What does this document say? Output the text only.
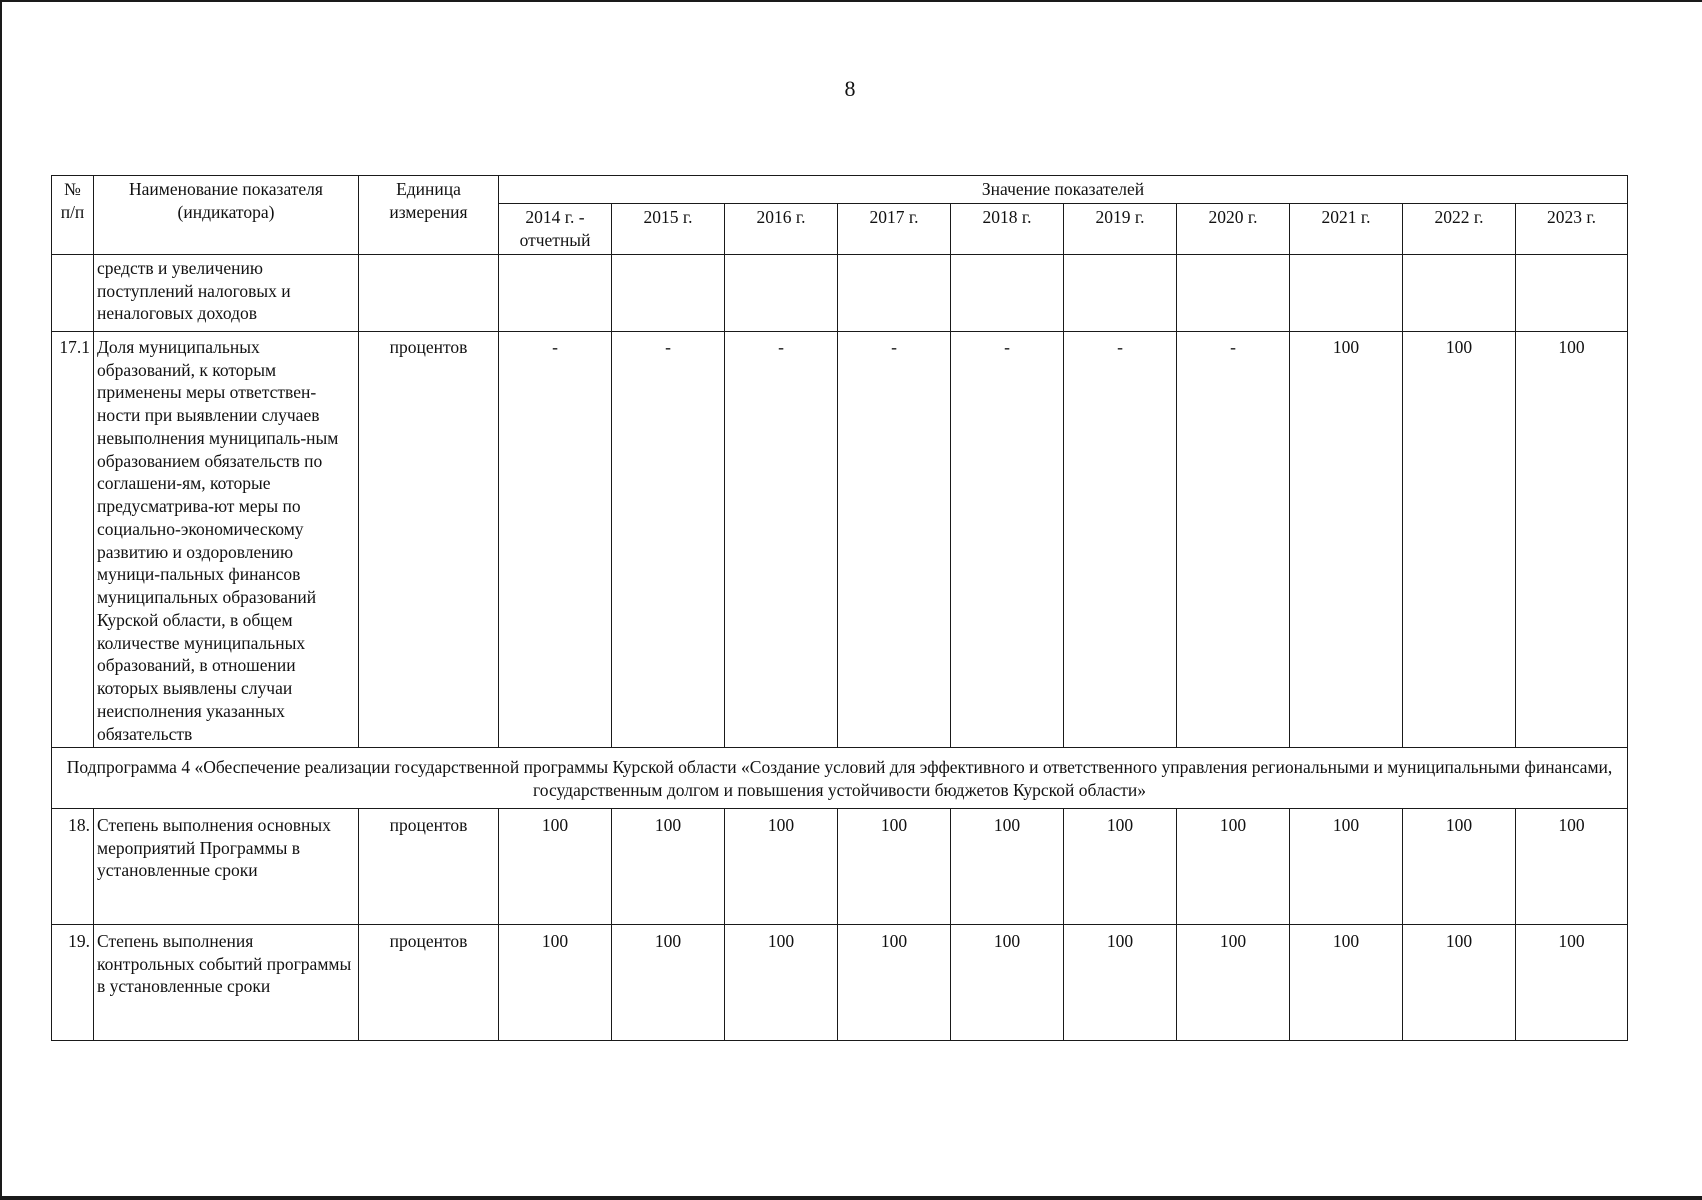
8
№ п/п	Наименование показателя (индикатора)	Единица измерения	Значение показателей									
			2014 г. - отчетный	2015 г.	2016 г.	2017 г.	2018 г.	2019 г.	2020 г.	2021 г.	2022 г.	2023 г.
	средств и увеличению поступлений налоговых и неналоговых доходов											
17.1	Доля муниципальных образований, к которым применены меры ответствен-ности при выявлении случаев невыполнения муниципаль-ным образованием обязательств по соглашени-ям, которые предусматрива-ют меры по социально-экономическому развитию и оздоровлению муници-пальных финансов муниципальных образований Курской области, в общем количестве муниципальных образований, в отношении которых выявлены случаи неисполнения указанных обязательств	процентов	-	-	-	-	-	-	-	100	100	100
Подпрограмма 4 «Обеспечение реализации государственной программы Курской области «Создание условий для эффективного и ответственного управления региональными и муниципальными финансами, государственным долгом и повышения устойчивости бюджетов Курской области»												
18.	Степень выполнения основных мероприятий Программы в установленные сроки	процентов	100	100	100	100	100	100	100	100	100	100
19.	Степень выполнения контрольных событий программы в установленные сроки	процентов	100	100	100	100	100	100	100	100	100	100
